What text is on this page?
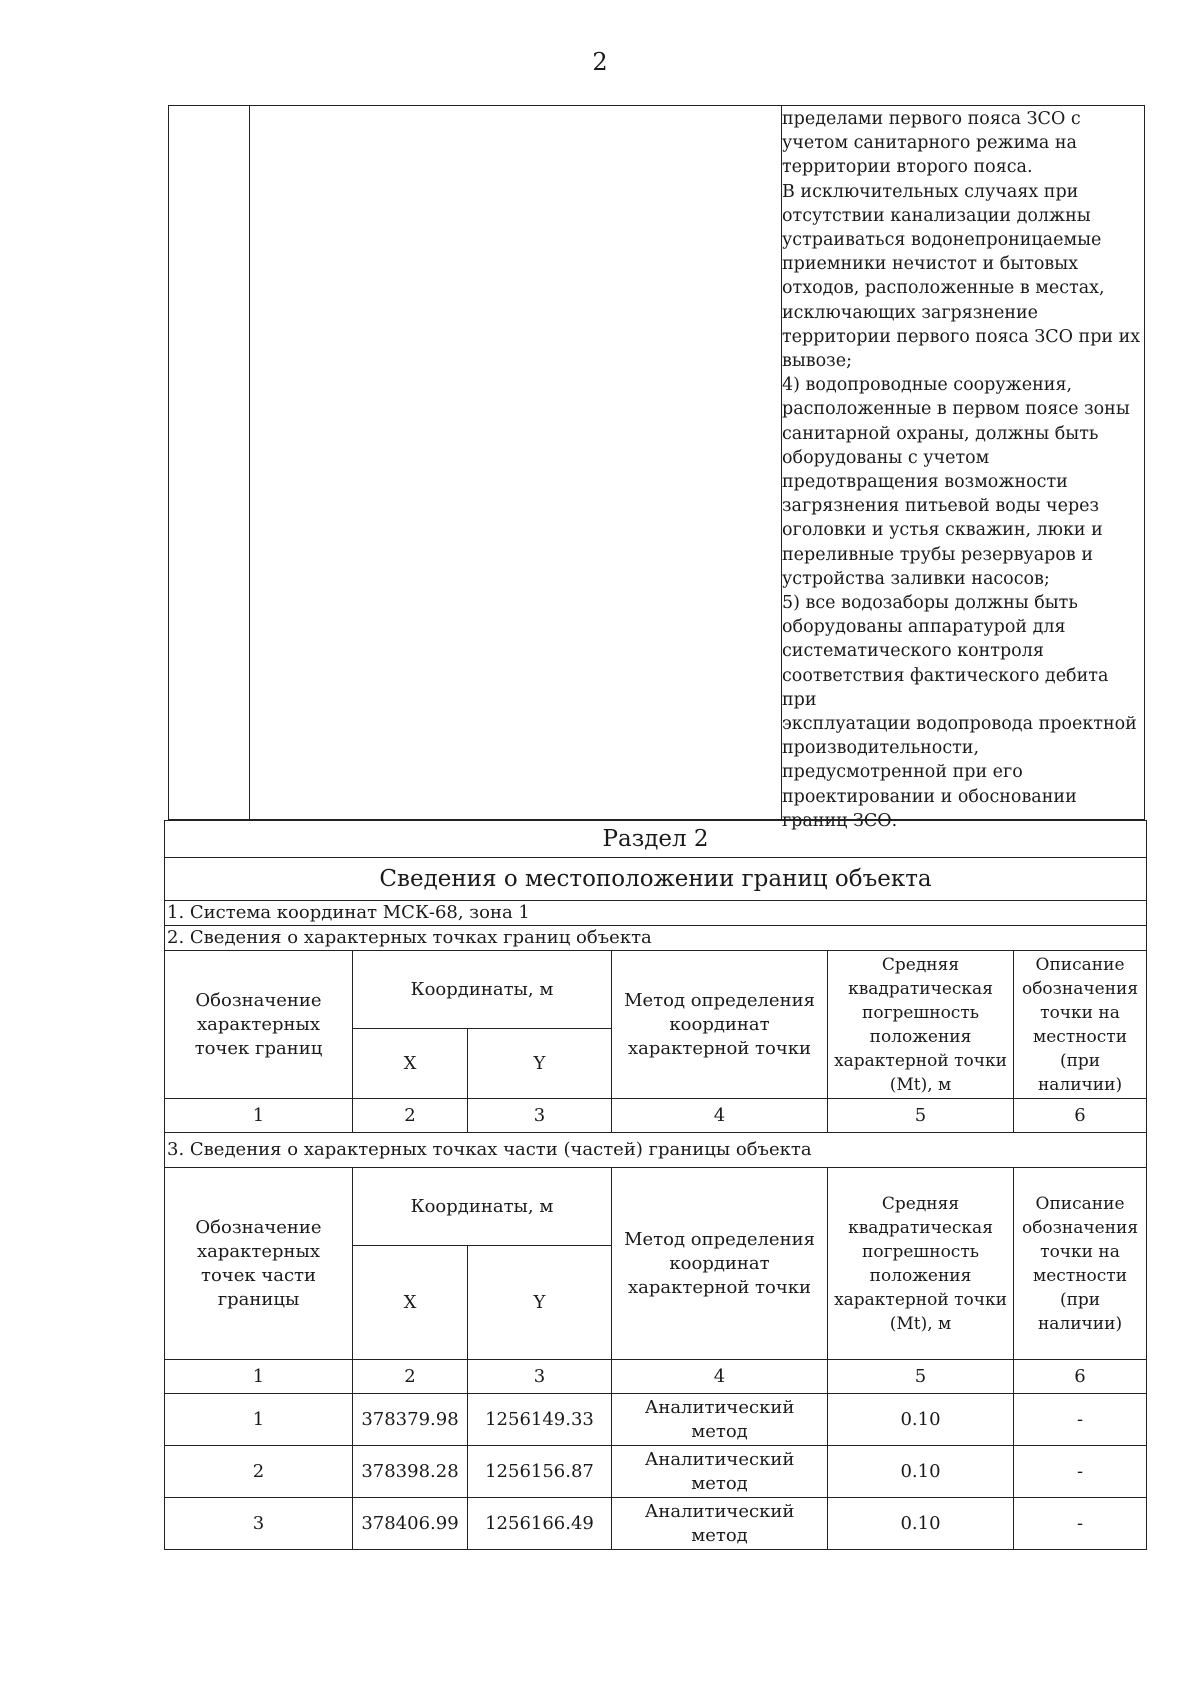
2
пределами первого пояса ЗСО с
учетом санитарного режима на
территории второго пояса.
В исключительных случаях при
отсутствии канализации должны
устраиваться водонепроницаемые
приемники нечистот и бытовых
отходов, расположенные в местах,
исключающих загрязнение
территории первого пояса ЗСО при их
вывозе;
4) водопроводные сооружения,
расположенные в первом поясе зоны
санитарной охраны, должны быть
оборудованы с учетом
предотвращения возможности
загрязнения питьевой воды через
оголовки и устья скважин, люки и
переливные трубы резервуаров и
устройства заливки насосов;
5) все водозаборы должны быть
оборудованы аппаратурой для
систематического контроля
соответствия фактического дебита при
эксплуатации водопровода проектной
производительности,
предусмотренной при его
проектировании и обосновании
границ ЗСО.
Раздел 2					
Сведения о местоположении границ объекта					
1. Система координат МСК-68, зона 1					
2. Сведения о характерных точках границ объекта					
Обозначение характерных точек границ	Координаты, м		Метод определения координат характерной точки	Средняя квадратическая погрешность положения характерной точки (Mt), м	Описание обозначения точки на местности (при наличии)
	X	Y			
1	2	3	4	5	6
3. Сведения о характерных точках части (частей) границы объекта					
Обозначение характерных точек части границы	Координаты, м		Метод определения координат характерной точки	Средняя квадратическая погрешность положения характерной точки (Mt), м	Описание обозначения точки на местности (при наличии)
	X	Y			
1	2	3	4	5	6
1	378379.98	1256149.33	Аналитический метод	0.10	-
2	378398.28	1256156.87	Аналитический метод	0.10	-
3	378406.99	1256166.49	Аналитический метод	0.10	-
